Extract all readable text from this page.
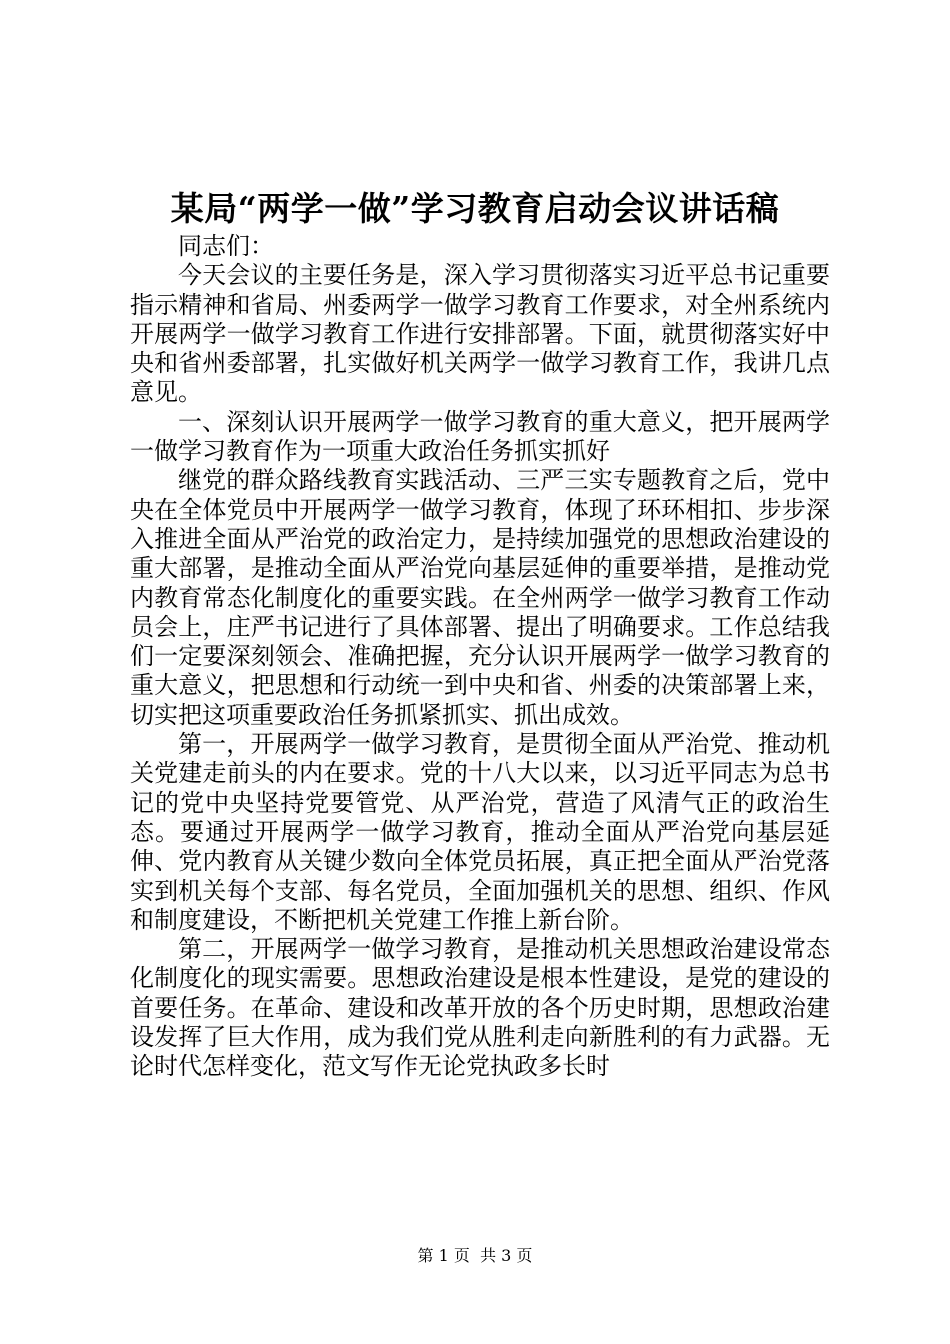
某局“两学一做”学习教育启动会议讲话稿

同志们：

今天会议的主要任务是，深入学习贯彻落实习近平总书记重要指示精神和省局、州委两学一做学习教育工作要求，对全州系统内开展两学一做学习教育工作进行安排部署。下面，就贯彻落实好中央和省州委部署，扎实做好机关两学一做学习教育工作，我讲几点意见。

一、深刻认识开展两学一做学习教育的重大意义，把开展两学一做学习教育作为一项重大政治任务抓实抓好

继党的群众路线教育实践活动、三严三实专题教育之后，党中央在全体党员中开展两学一做学习教育，体现了环环相扣、步步深入推进全面从严治党的政治定力，是持续加强党的思想政治建设的重大部署，是推动全面从严治党向基层延伸的重要举措，是推动党内教育常态化制度化的重要实践。在全州两学一做学习教育工作动员会上，庄严书记进行了具体部署、提出了明确要求。工作总结我们一定要深刻领会、准确把握，充分认识开展两学一做学习教育的重大意义，把思想和行动统一到中央和省、州委的决策部署上来，切实把这项重要政治任务抓紧抓实、抓出成效。

第一，开展两学一做学习教育，是贯彻全面从严治党、推动机关党建走前头的内在要求。党的十八大以来，以习近平同志为总书记的党中央坚持党要管党、从严治党，营造了风清气正的政治生态。要通过开展两学一做学习教育，推动全面从严治党向基层延伸、党内教育从关键少数向全体党员拓展，真正把全面从严治党落实到机关每个支部、每名党员，全面加强机关的思想、组织、作风和制度建设，不断把机关党建工作推上新台阶。

第二，开展两学一做学习教育，是推动机关思想政治建设常态化制度化的现实需要。思想政治建设是根本性建设，是党的建设的首要任务。在革命、建设和改革开放的各个历史时期，思想政治建设发挥了巨大作用，成为我们党从胜利走向新胜利的有力武器。无论时代怎样变化，范文写作无论党执政多长时

第 1 页  共 3 页
